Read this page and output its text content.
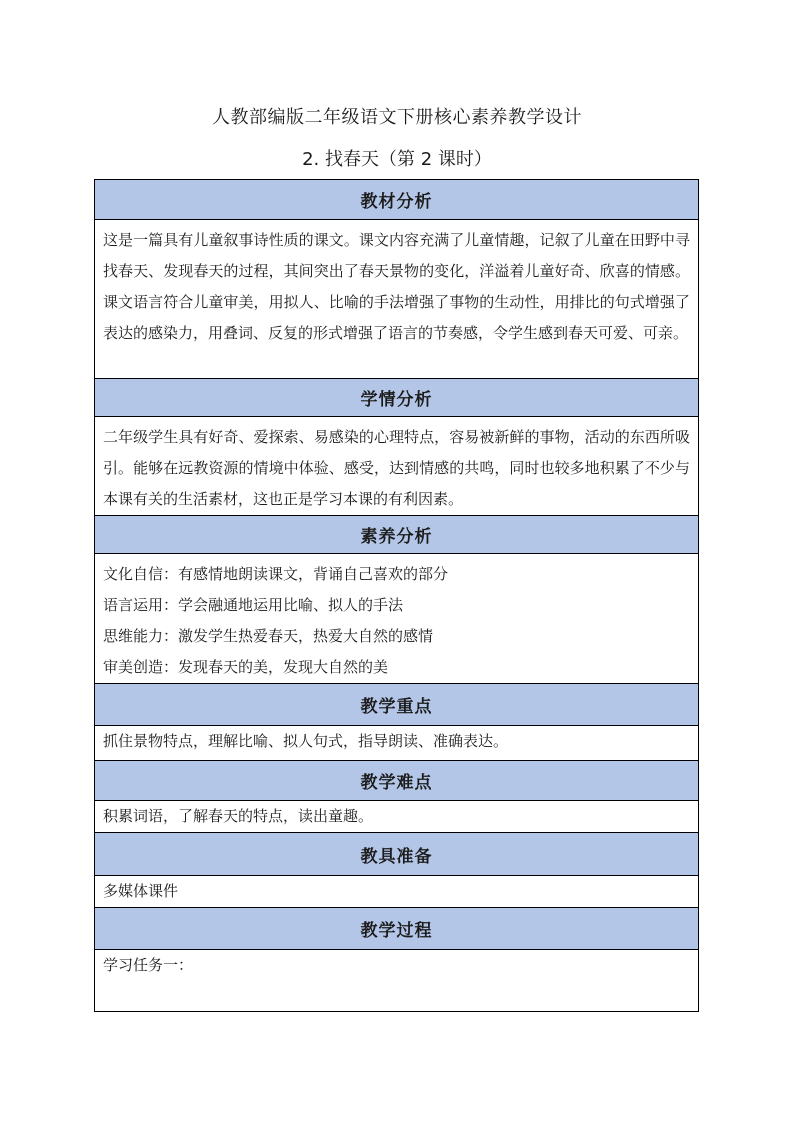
人教部编版二年级语文下册核心素养教学设计
2. 找春天（第 2 课时）
教材分析

这是一篇具有儿童叙事诗性质的课文。课文内容充满了儿童情趣，记叙了儿童在田野中寻找春天、发现春天的过程，其间突出了春天景物的变化，洋溢着儿童好奇、欣喜的情感。课文语言符合儿童审美，用拟人、比喻的手法增强了事物的生动性，用排比的句式增强了表达的感染力，用叠词、反复的形式增强了语言的节奏感，令学生感到春天可爱、可亲。

学情分析

二年级学生具有好奇、爱探索、易感染的心理特点，容易被新鲜的事物，活动的东西所吸引。能够在远教资源的情境中体验、感受，达到情感的共鸣，同时也较多地积累了不少与本课有关的生活素材，这也正是学习本课的有利因素。

素养分析

文化自信：有感情地朗读课文，背诵自己喜欢的部分
语言运用：学会融通地运用比喻、拟人的手法
思维能力：激发学生热爱春天，热爱大自然的感情
审美创造：发现春天的美，发现大自然的美

教学重点

抓住景物特点，理解比喻、拟人句式，指导朗读、准确表达。

教学难点

积累词语，了解春天的特点，读出童趣。

教具准备

多媒体课件

教学过程

学习任务一：
